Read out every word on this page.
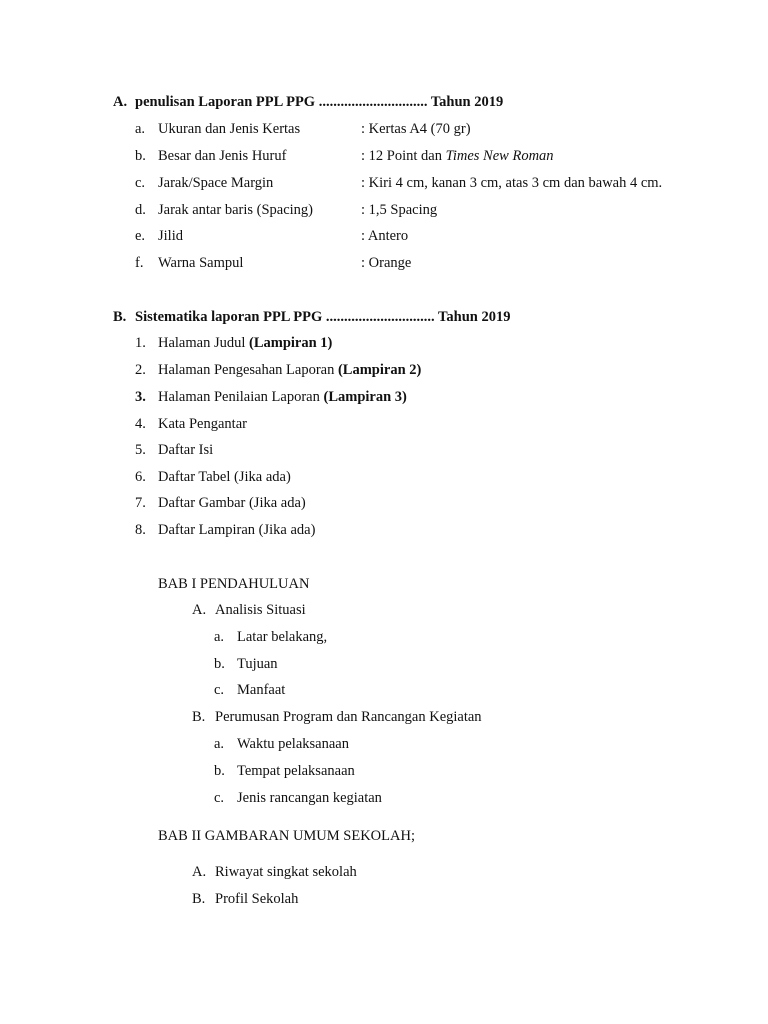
A. penulisan Laporan PPL PPG .............................. Tahun 2019
a. Ukuran dan Jenis Kertas	: Kertas A4 (70 gr)
b. Besar dan Jenis Huruf	: 12 Point dan Times New Roman
c. Jarak/Space Margin	: Kiri 4 cm, kanan 3 cm, atas 3 cm dan bawah 4 cm.
d. Jarak antar baris (Spacing)	: 1,5 Spacing
e. Jilid	: Antero
f. Warna Sampul	: Orange
B. Sistematika laporan PPL PPG .............................. Tahun 2019
1. Halaman Judul (Lampiran 1)
2. Halaman Pengesahan Laporan (Lampiran 2)
3. Halaman Penilaian Laporan (Lampiran 3)
4. Kata Pengantar
5. Daftar Isi
6. Daftar Tabel (Jika ada)
7. Daftar Gambar (Jika ada)
8. Daftar Lampiran (Jika ada)
BAB I PENDAHULUAN
A. Analisis Situasi
a. Latar belakang,
b. Tujuan
c. Manfaat
B. Perumusan Program dan Rancangan Kegiatan
a. Waktu pelaksanaan
b. Tempat pelaksanaan
c. Jenis rancangan kegiatan
BAB II GAMBARAN UMUM SEKOLAH;
A. Riwayat singkat sekolah
B. Profil Sekolah
